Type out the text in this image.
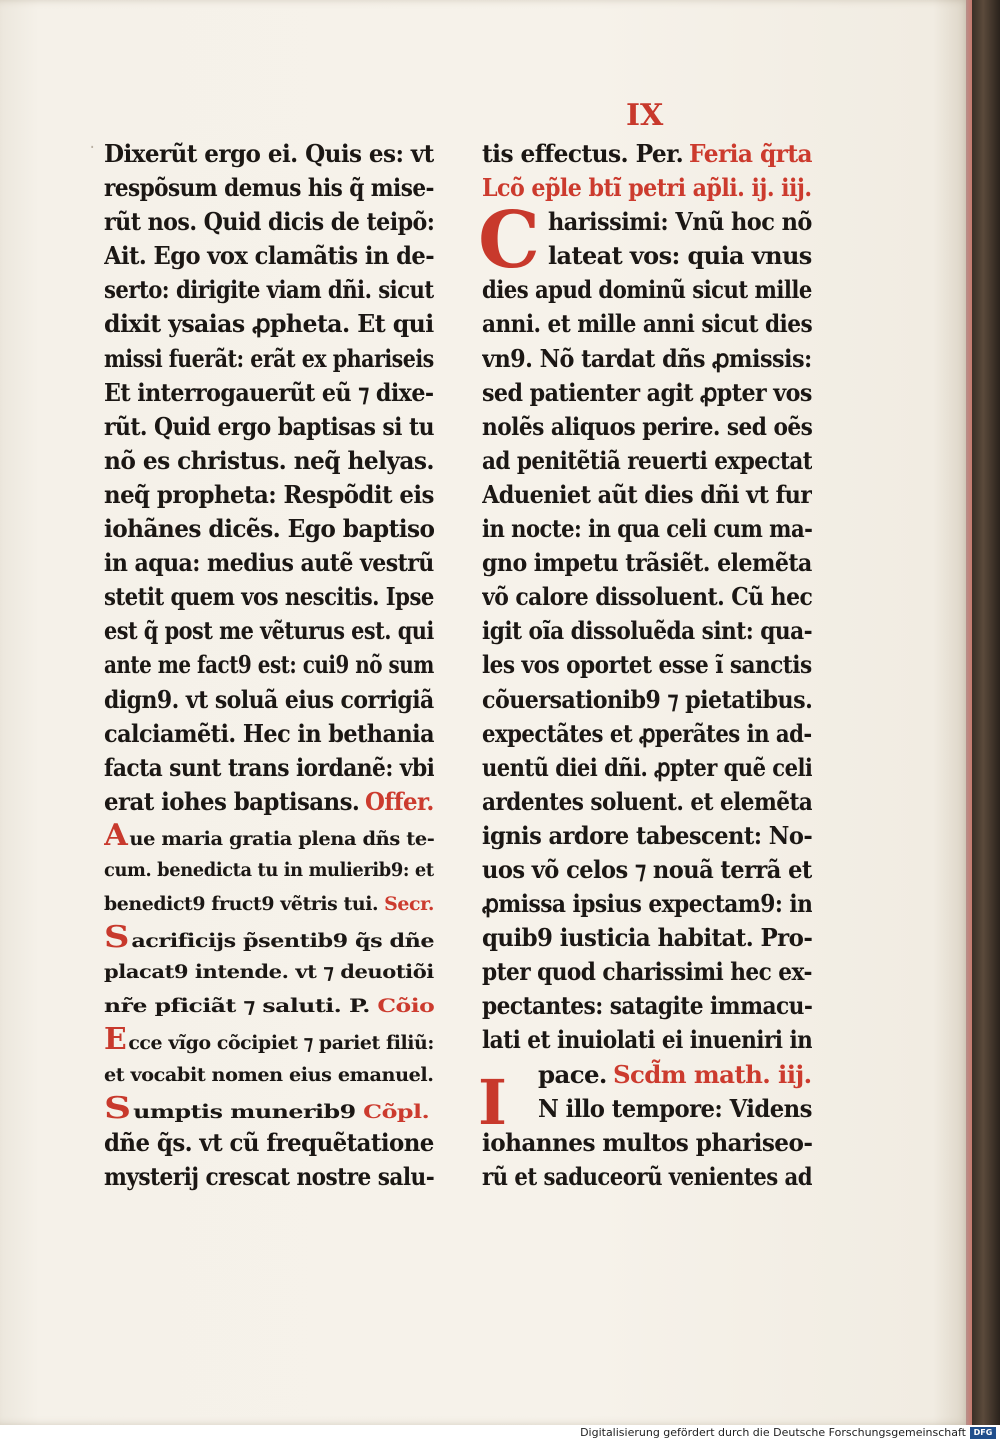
IX
· Dixerũt ergo ei. Quis es: vt
respõsum demus his q̃ mise-
rũt nos. Quid dicis de teipõ:
Ait. Ego vox clamãtis in de-
serto: dirigite viam dñi. sicut
dixit ysaias ꝓpheta. Et qui
missi fuerãt: erãt ex phariseis
Et interrogauerũt eũ ⁊ dixe-
rũt. Quid ergo baptisas si tu
nõ es christus. neq̃ helyas.
neq̃ propheta: Respõdit eis
iohãnes dicẽs. Ego baptiso
in aqua: medius autẽ vestrũ
stetit quem vos nescitis. Ipse
est q̃ post me vẽturus est. qui
ante me fact9 est: cui9 nõ sum
dign9. vt soluã eius corrigiã
calciamẽti. Hec in bethania
facta sunt trans iordanẽ: vbi
erat iohes baptisans. Offer.
A ue maria gratia plena dñs te-
cum. benedicta tu in mulierib9: et
benedict9 fruct9 vẽtris tui. Secr.
S acrificijs p̃sentib9 q̃s dñe
placat9 intende. vt ⁊ deuotiõi
nr̃e pficiãt ⁊ saluti. P. Cõio
E cce vĩgo cõcipiet ⁊ pariet filiũ:
et vocabit nomen eius emanuel.
S umptis munerib9 Cõpl.
dñe q̃s. vt cũ frequẽtatione
mysterij crescat nostre salu-
tis effectus. Per. Feria q̃rta
Lcõ ep̃le btĩ petri ap̃li. ij. iij.
harissimi: Vnũ hoc nõ
lateat vos: quia vnus
dies apud dominũ sicut mille
anni. et mille anni sicut dies
vn9. Nõ tardat dñs ꝓmissis:
sed patienter agit ꝓpter vos
nolẽs aliquos perire. sed oẽs
ad penitẽtiã reuerti expectat
Adueniet aũt dies dñi vt fur
in nocte: in qua celi cum ma-
gno impetu trãsiẽt. elemẽta
võ calore dissoluent. Cũ hec
igit oĩa dissoluẽda sint: qua-
les vos oportet esse ĩ sanctis
cõuersationib9 ⁊ pietatibus.
expectãtes et ꝓperãtes in ad-
uentũ diei dñi. ꝓpter quẽ celi
ardentes soluent. et elemẽta
ignis ardore tabescent: No-
uos võ celos ⁊ nouã terrã et
ꝓmissa ipsius expectam9: in
quib9 iusticia habitat. Pro-
pter quod charissimi hec ex-
pectantes: satagite immacu-
lati et inuiolati ei inueniri in
pace. Scd̃m math. iij.
N illo tempore: Videns
iohannes multos phariseo-
rũ et saduceorũ venientes ad
C
I
Digitalisierung gefördert durch die Deutsche Forschungsgemeinschaft DFG
